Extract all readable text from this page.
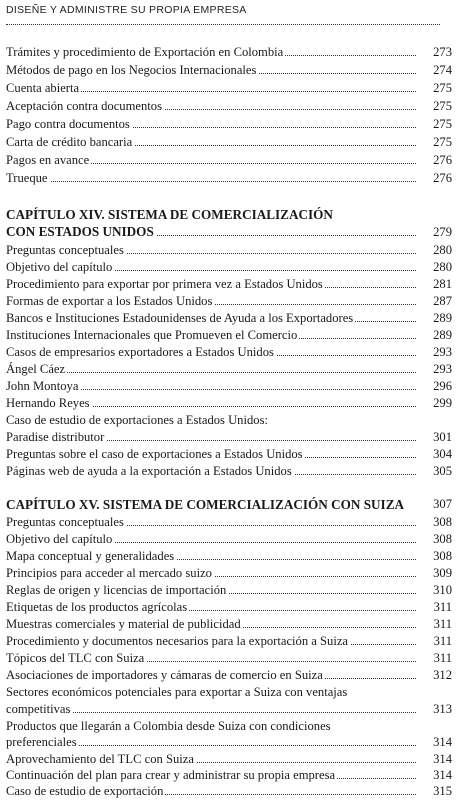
DISEÑE Y ADMINISTRE SU PROPIA EMPRESA
Trámites y procedimiento de Exportación en Colombia	273
Métodos de pago en los Negocios Internacionales	274
Cuenta abierta	275
Aceptación contra documentos	275
Pago contra documentos	275
Carta de crédito bancaria	275
Pagos en avance	276
Trueque	276
CAPÍTULO XIV. SISTEMA DE COMERCIALIZACIÓN
CON ESTADOS UNIDOS	279
Preguntas conceptuales	280
Objetivo del capítulo	280
Procedimiento para exportar por primera vez a Estados Unidos	281
Formas de exportar a los Estados Unidos	287
Bancos e Instituciones Estadounidenses de Ayuda a los Exportadores	289
Instituciones Internacionales que Promueven el Comercio	289
Casos de empresarios exportadores a Estados Unidos	293
Ángel Cáez	293
John Montoya	296
Hernando Reyes	299
Caso de estudio de exportaciones a Estados Unidos:
Paradise distributor	301
Preguntas sobre el caso de exportaciones a Estados Unidos	304
Páginas web de ayuda a la exportación a Estados Unidos	305
CAPÍTULO XV. SISTEMA DE COMERCIALIZACIÓN CON SUIZA	307
Preguntas conceptuales	308
Objetivo del capítulo	308
Mapa conceptual y generalidades	308
Principios para acceder al mercado suizo	309
Reglas de origen y licencias de importación	310
Etiquetas de los productos agrícolas	311
Muestras comerciales y material de publicidad	311
Procedimiento y documentos necesarios para la exportación a Suiza	311
Tópicos del TLC con Suiza	311
Asociaciones de importadores y cámaras de comercio en Suiza	312
Sectores económicos potenciales para exportar a Suiza con ventajas
competitivas	313
Productos que llegarán a Colombia desde Suiza con condiciones
preferenciales	314
Aprovechamiento del TLC con Suiza	314
Continuación del plan para crear y administrar su propia empresa	314
Caso de estudio de exportación	315
